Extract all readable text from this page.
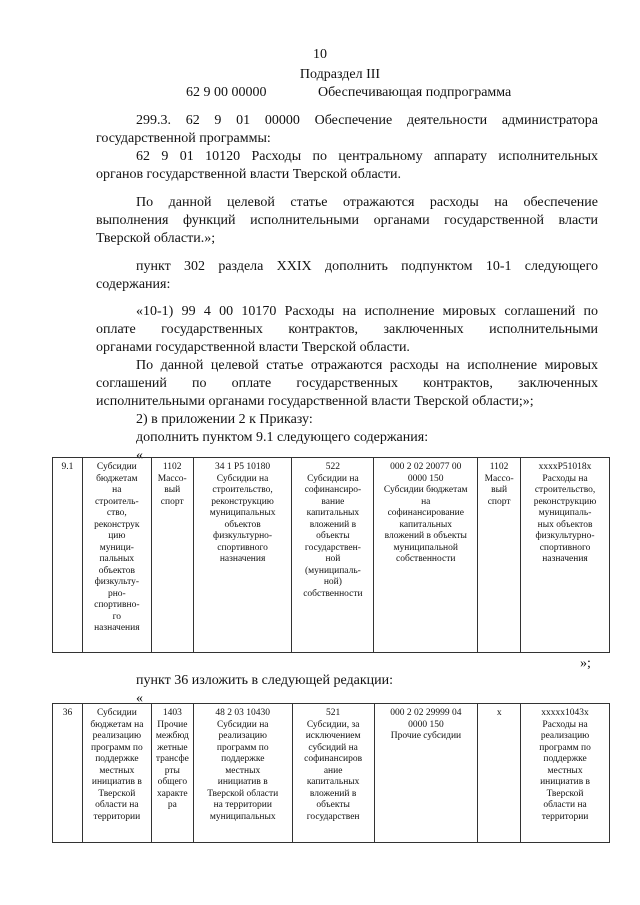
10
Подраздел III
62 9 00 00000	Обеспечивающая подпрограмма
299.3. 62 9 01 00000 Обеспечение деятельности администратора
государственной программы:
62 9 01 10120 Расходы по центральному аппарату исполнительных
органов государственной власти Тверской области.
По данной целевой статье отражаются расходы на обеспечение
выполнения функций исполнительными органами государственной власти
Тверской области.»;
пункт 302 раздела XXIX дополнить подпунктом 10-1 следующего
содержания:
«10-1) 99 4 00 10170 Расходы на исполнение мировых соглашений по
оплате государственных контрактов, заключенных исполнительными
органами государственной власти Тверской области.
По данной целевой статье отражаются расходы на исполнение мировых
соглашений по оплате государственных контрактов, заключенных
исполнительными органами государственной власти Тверской области;»;
2) в приложении 2 к Приказу:
дополнить пунктом 9.1 следующего содержания:
«
9.1	Субсидии
бюджетам
на
строитель-
ство,
реконструк
цию
муници-
пальных
объектов
физкульту-
рно-
спортивно-
го
назначения	1102
Массо-
вый
спорт	34 1 P5 10180
Субсидии на
строительство,
реконструкцию
муниципальных
объектов
физкультурно-
спортивного
назначения	522
Субсидии на
софинансиро-
вание
капитальных
вложений в
объекты
государствен-
ной
(муниципаль-
ной)
собственности	000 2 02 20077 00
0000 150
Субсидии бюджетам
на
софинансирование
капитальных
вложений в объекты
муниципальной
собственности	1102
Массо-
вый
спорт	xxxxP51018x
Расходы на
строительство,
реконструкцию
муниципаль-
ных объектов
физкультурно-
спортивного
назначения
»;
пункт 36 изложить в следующей редакции:
«
36	Субсидии
бюджетам на
реализацию
программ по
поддержке
местных
инициатив в
Тверской
области на
территории	1403
Прочие
межбюд
жетные
трансфе
рты
общего
характе
ра	48 2 03 10430
Субсидии на
реализацию
программ по
поддержке
местных
инициатив в
Тверской области
на территории
муниципальных	521
Субсидии, за
исключением
субсидий на
софинансиров
ание
капитальных
вложений в
объекты
государствен	000 2 02 29999 04
0000 150
Прочие субсидии	x	xxxxx1043x
Расходы на
реализацию
программ по
поддержке
местных
инициатив в
Тверской
области на
территории
